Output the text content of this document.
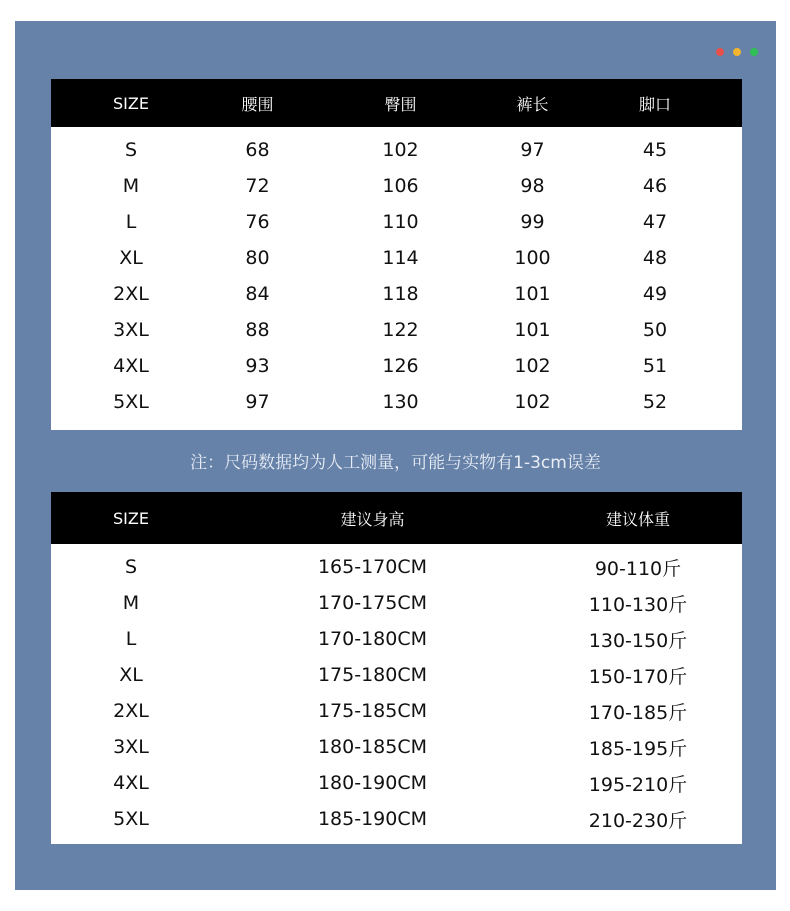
SIZE	腰围	臀围	裤长	脚口
S	68	102	97	45
M	72	106	98	46
L	76	110	99	47
XL	80	114	100	48
2XL	84	118	101	49
3XL	88	122	101	50
4XL	93	126	102	51
5XL	97	130	102	52
注：尺码数据均为人工测量，可能与实物有1-3cm误差
SIZE	建议身高	建议体重
S	165-170CM	90-110斤
M	170-175CM	110-130斤
L	170-180CM	130-150斤
XL	175-180CM	150-170斤
2XL	175-185CM	170-185斤
3XL	180-185CM	185-195斤
4XL	180-190CM	195-210斤
5XL	185-190CM	210-230斤
